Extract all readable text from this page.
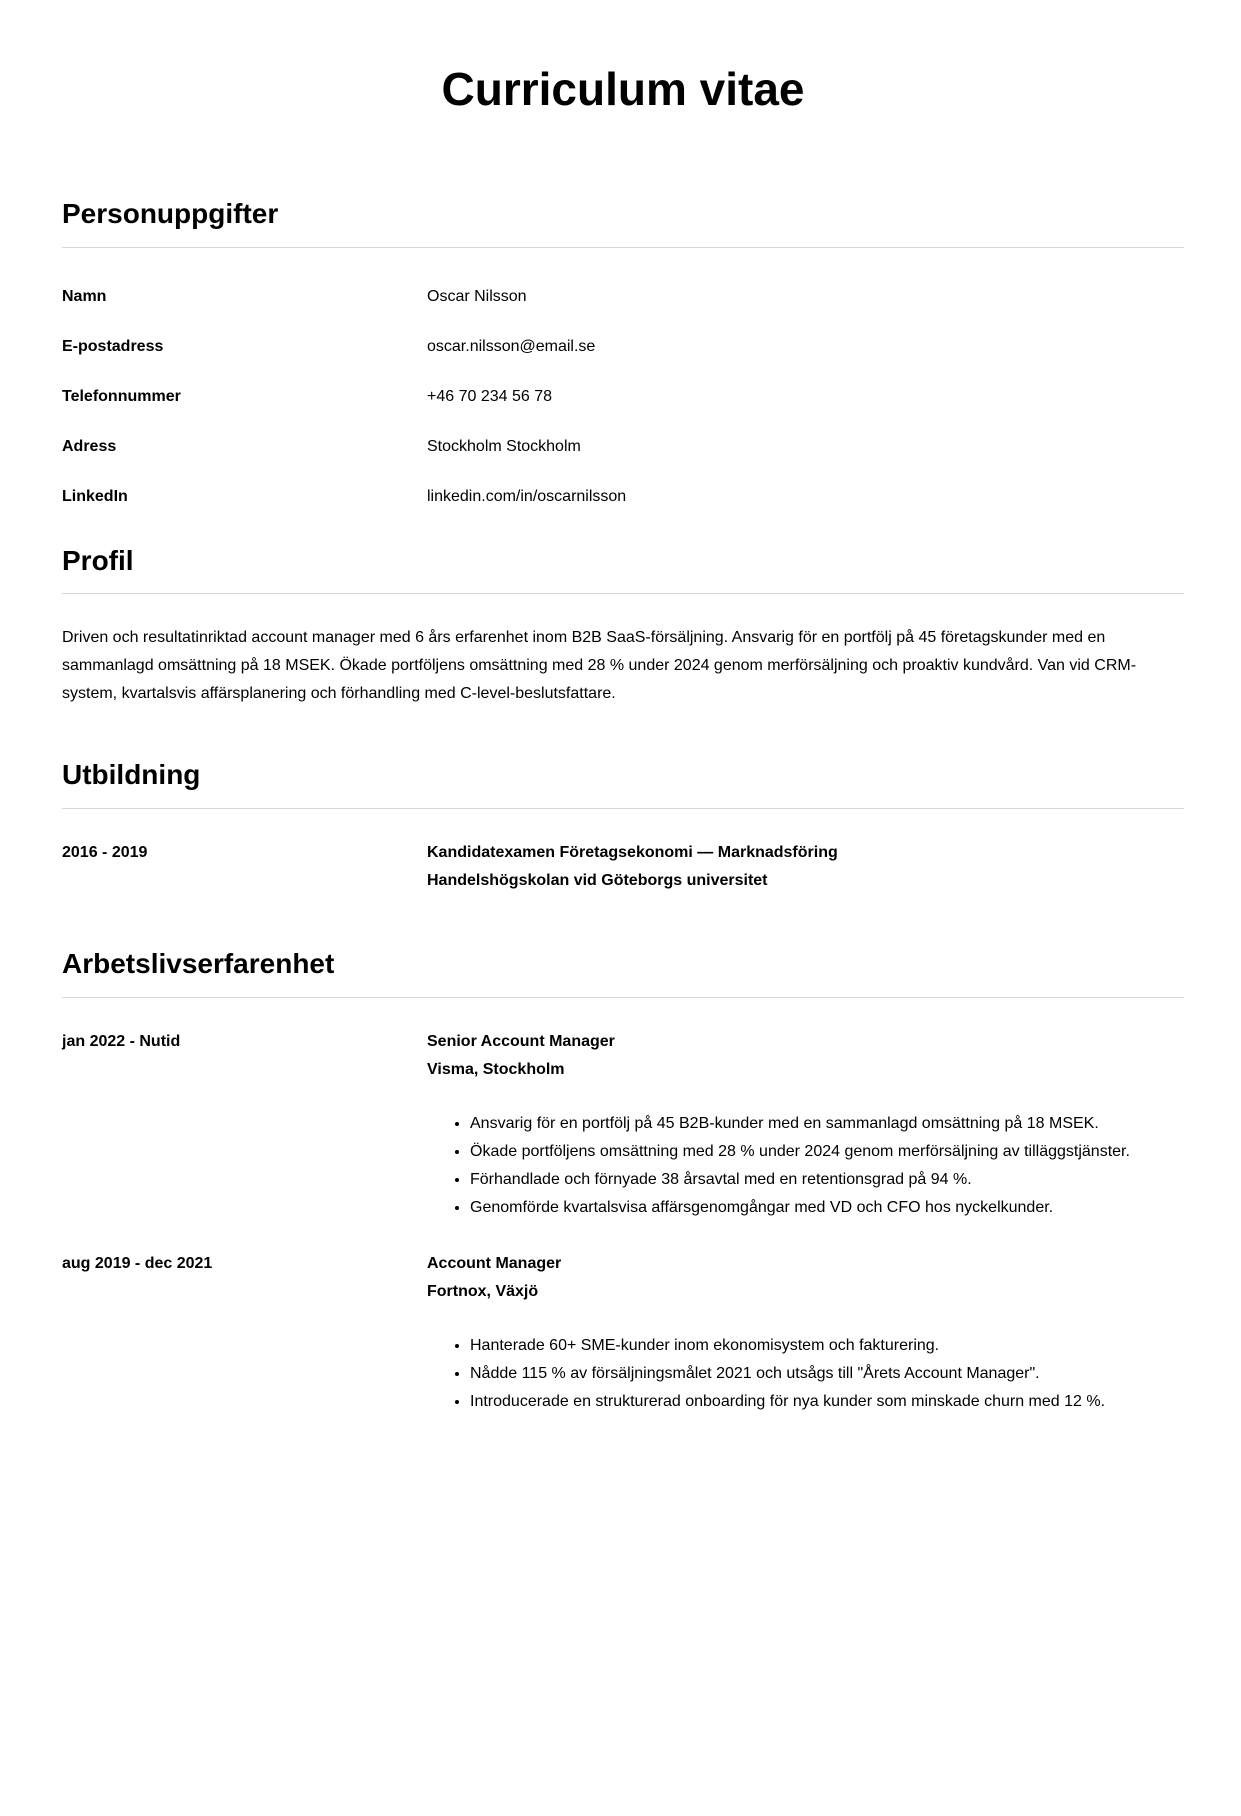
Curriculum vitae
Personuppgifter
Namn	Oscar Nilsson
E-postadress	oscar.nilsson@email.se
Telefonnummer	+46 70 234 56 78
Adress	Stockholm Stockholm
LinkedIn	linkedin.com/in/oscarnilsson
Profil

Driven och resultatinriktad account manager med 6 års erfarenhet inom B2B SaaS-försäljning. Ansvarig för en portfölj på 45 företagskunder med en sammanlagd omsättning på 18 MSEK. Ökade portföljens omsättning med 28 % under 2024 genom merförsäljning och proaktiv kundvård. Van vid CRM-system, kvartalsvis affärsplanering och förhandling med C-level-beslutsfattare.

Utbildning
2016 - 2019	Kandidatexamen Företagsekonomi — Marknadsföring
Handelshögskolan vid Göteborgs universitet
Arbetslivserfarenhet
jan 2022 - Nutid	Senior Account Manager
Visma, Stockholm
• Ansvarig för en portfölj på 45 B2B-kunder med en sammanlagd omsättning på 18 MSEK.
• Ökade portföljens omsättning med 28 % under 2024 genom merförsäljning av tilläggstjänster.
• Förhandlade och förnyade 38 årsavtal med en retentionsgrad på 94 %.
• Genomförde kvartalsvisa affärsgenomgångar med VD och CFO hos nyckelkunder.
aug 2019 - dec 2021	Account Manager
Fortnox, Växjö
• Hanterade 60+ SME-kunder inom ekonomisystem och fakturering.
• Nådde 115 % av försäljningsmålet 2021 och utsågs till "Årets Account Manager".
• Introducerade en strukturerad onboarding för nya kunder som minskade churn med 12 %.
